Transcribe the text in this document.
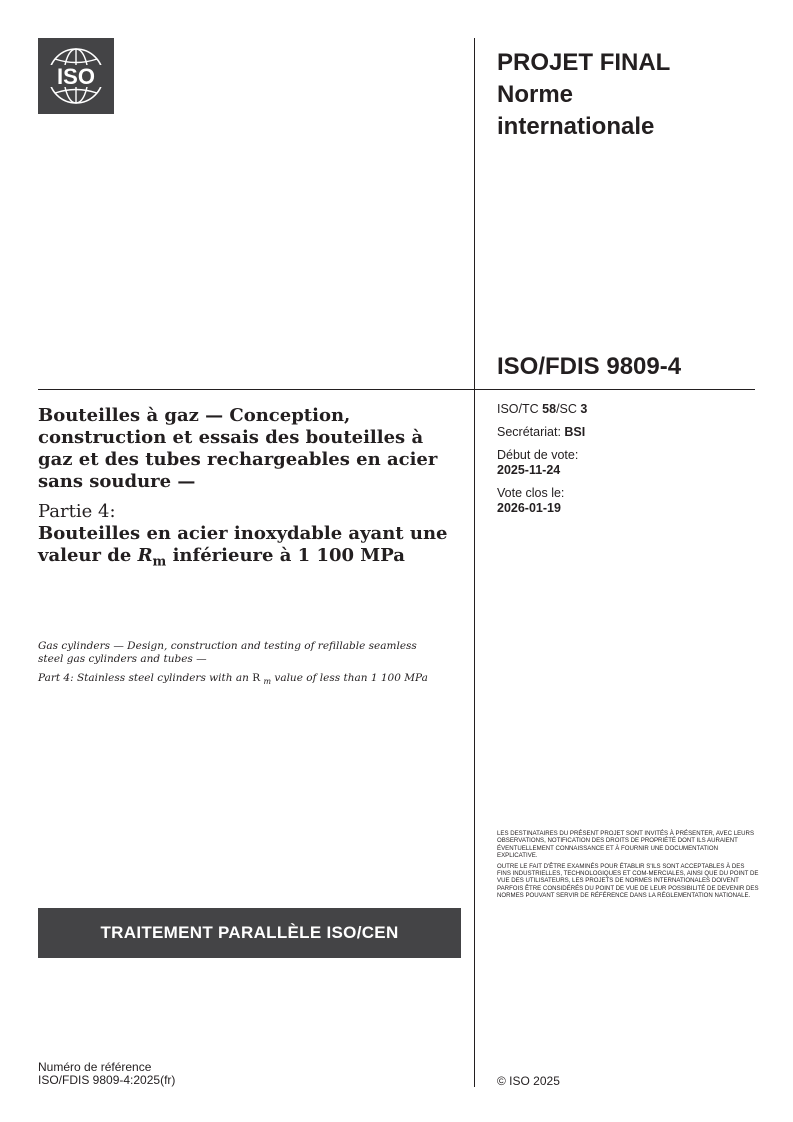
ISO
PROJET FINAL
Norme
internationale
ISO/FDIS 9809-4
ISO/TC 58/SC 3
Secrétariat: BSI
Début de vote:
2025-11-24
Vote clos le:
2026-01-19
Bouteilles à gaz — Conception, construction et essais des bouteilles à gaz et des tubes rechargeables en acier sans soudure —
Partie 4:
Bouteilles en acier inoxydable ayant une valeur de $R_m$ inférieure à 1 100 MPa
Gas cylinders — Design, construction and testing of refillable seamless steel gas cylinders and tubes —
Part 4: Stainless steel cylinders with an R $_m$ value of less than 1 100 MPa
LES DESTINATAIRES DU PRÉSENT PROJET SONT INVITÉS À PRÉSENTER, AVEC LEURS OBSERVATIONS, NOTIFICATION DES DROITS DE PROPRIÉTÉ DONT ILS AURAIENT ÉVENTUELLEMENT CONNAISSANCE ET À FOURNIR UNE DOCUMENTATION EXPLICATIVE.
OUTRE LE FAIT D'ÊTRE EXAMINÉS POUR ÉTABLIR S'ILS SONT ACCEPTABLES À DES FINS INDUSTRIELLES, TECHNOLOGIQUES ET COM-MERCIALES, AINSI QUE DU POINT DE VUE DES UTILISATEURS, LES PROJETS DE NORMES INTERNATIONALES DOIVENT PARFOIS ÊTRE CONSIDÉRÉS DU POINT DE VUE DE LEUR POSSIBILITÉ DE DEVENIR DES NORMES POUVANT SERVIR DE RÉFÉRENCE DANS LA RÉGLEMENTATION NATIONALE.
TRAITEMENT PARALLÈLE ISO/CEN
Numéro de référence
ISO/FDIS 9809-4:2025(fr)	© ISO 2025
